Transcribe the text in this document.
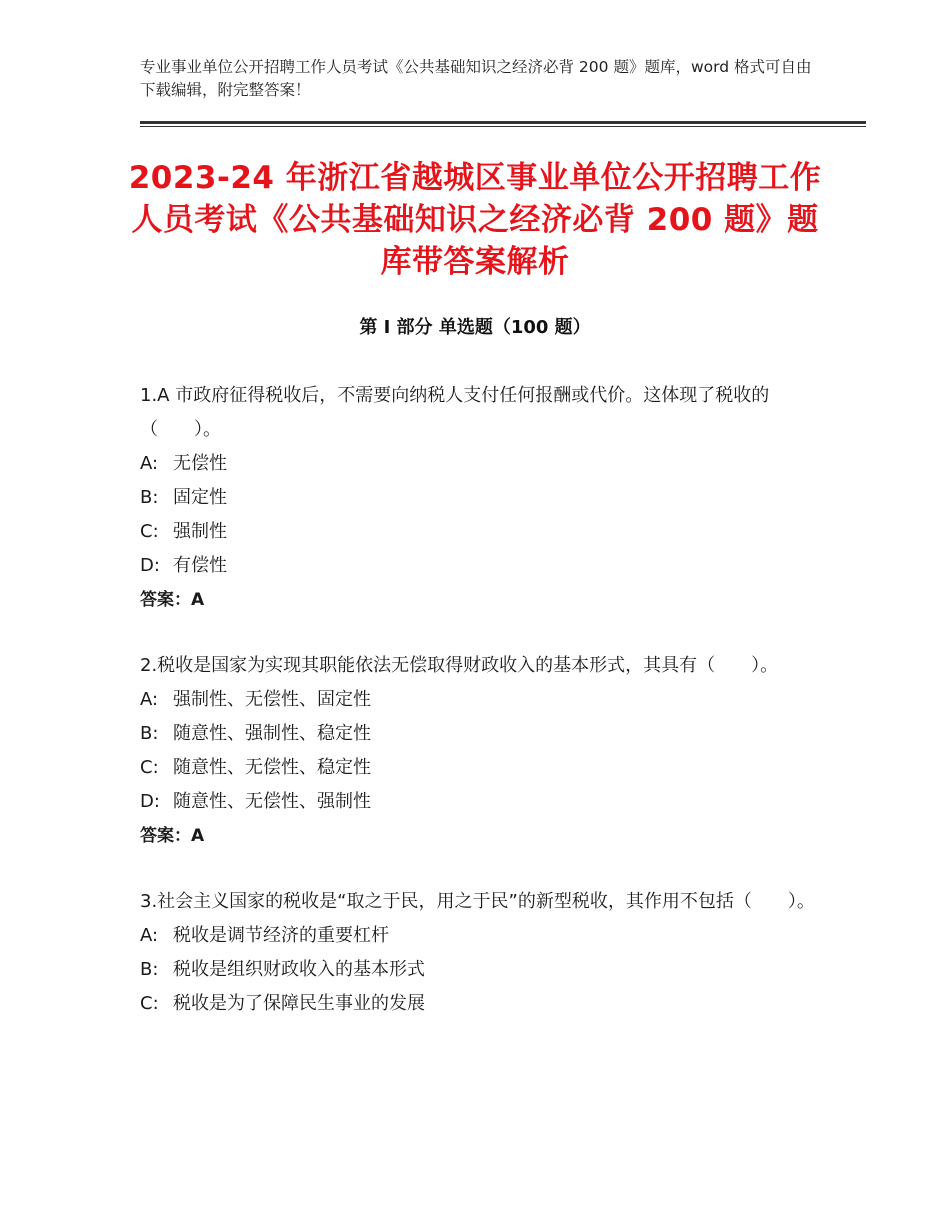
专业事业单位公开招聘工作人员考试《公共基础知识之经济必背 200 题》题库，word 格式可自由下载编辑，附完整答案！
2023-24 年浙江省越城区事业单位公开招聘工作人员考试《公共基础知识之经济必背 200 题》题库带答案解析
第 I 部分 单选题（100 题）
1.A 市政府征得税收后，不需要向纳税人支付任何报酬或代价。这体现了税收的（　　）。
A: 无偿性
B: 固定性
C: 强制性
D: 有偿性
答案：A
2.税收是国家为实现其职能依法无偿取得财政收入的基本形式，其具有（　　）。
A: 强制性、无偿性、固定性
B: 随意性、强制性、稳定性
C: 随意性、无偿性、稳定性
D: 随意性、无偿性、强制性
答案：A
3.社会主义国家的税收是“取之于民，用之于民”的新型税收，其作用不包括（　　）。
A: 税收是调节经济的重要杠杆
B: 税收是组织财政收入的基本形式
C: 税收是为了保障民生事业的发展
